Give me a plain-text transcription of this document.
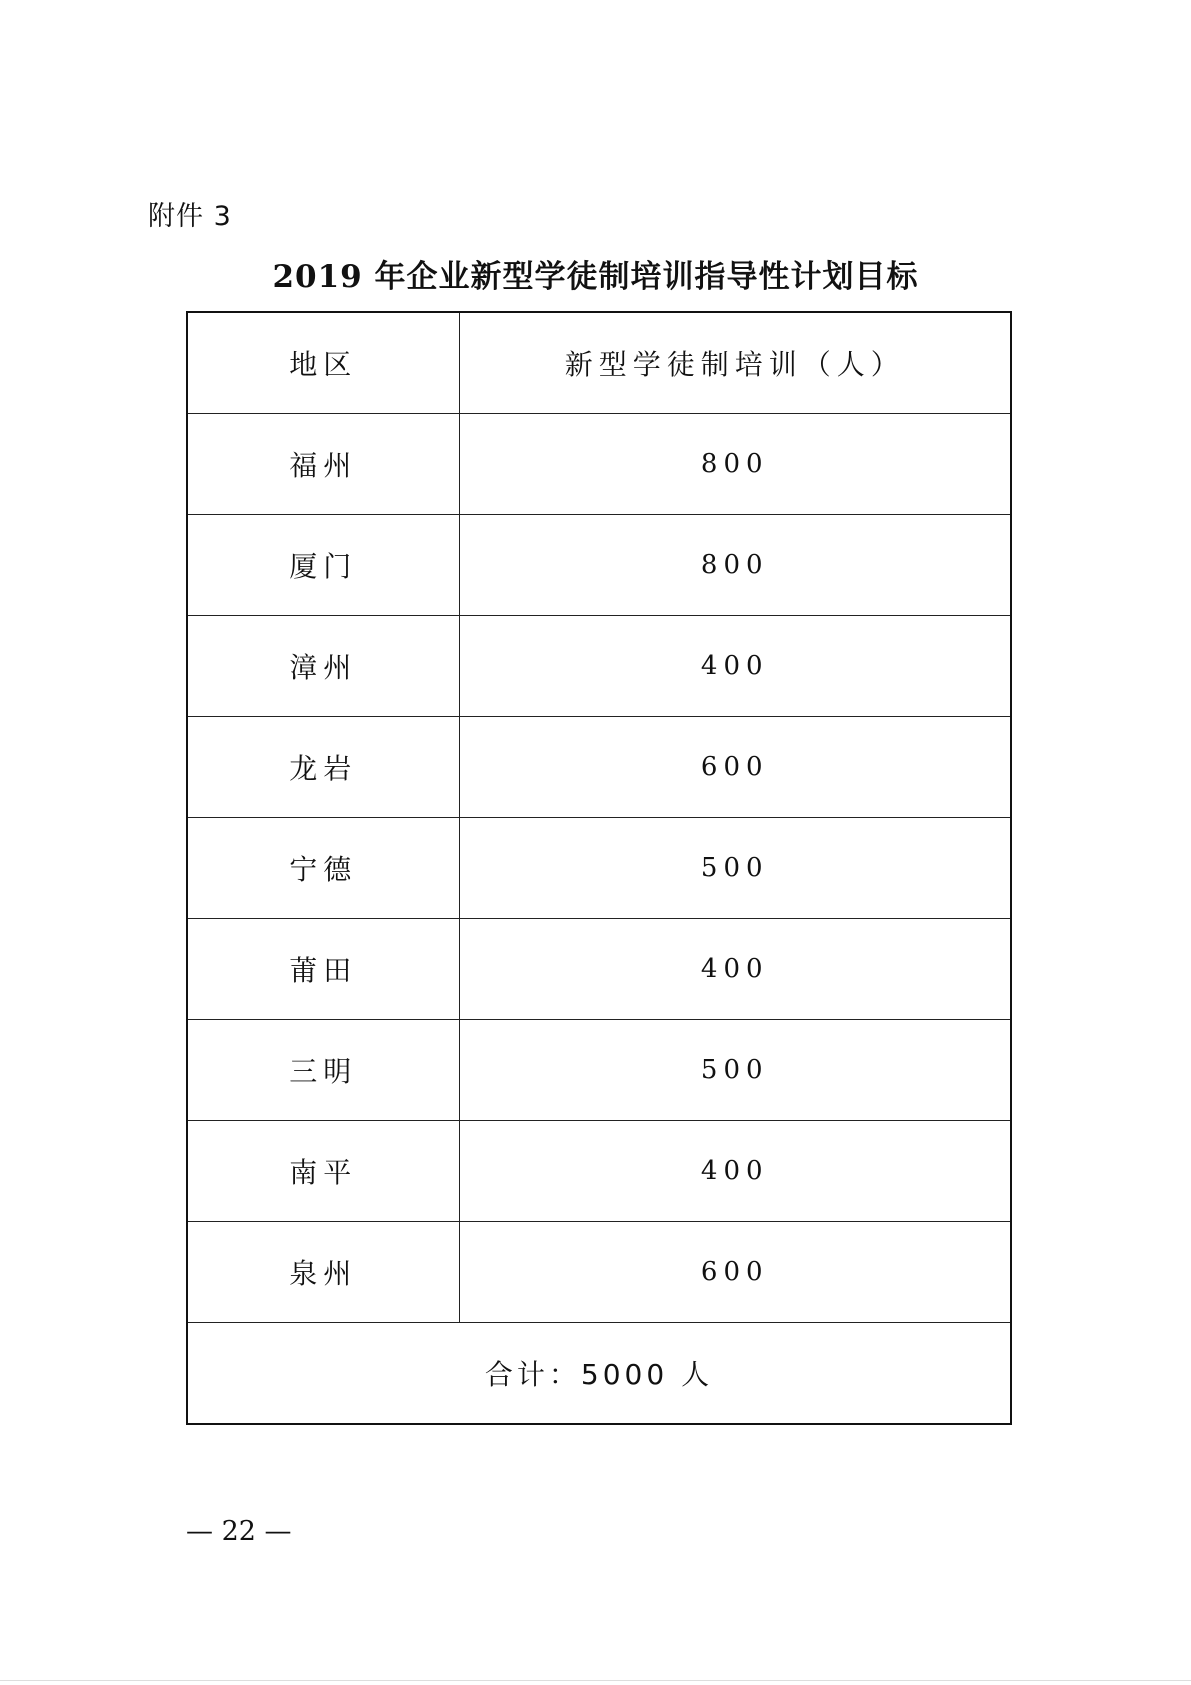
附件 3
2019 年企业新型学徒制培训指导性计划目标
地区	新型学徒制培训（人）
福州	800
厦门	800
漳州	400
龙岩	600
宁德	500
莆田	400
三明	500
南平	400
泉州	600
合计：5000 人	
— 22 —
